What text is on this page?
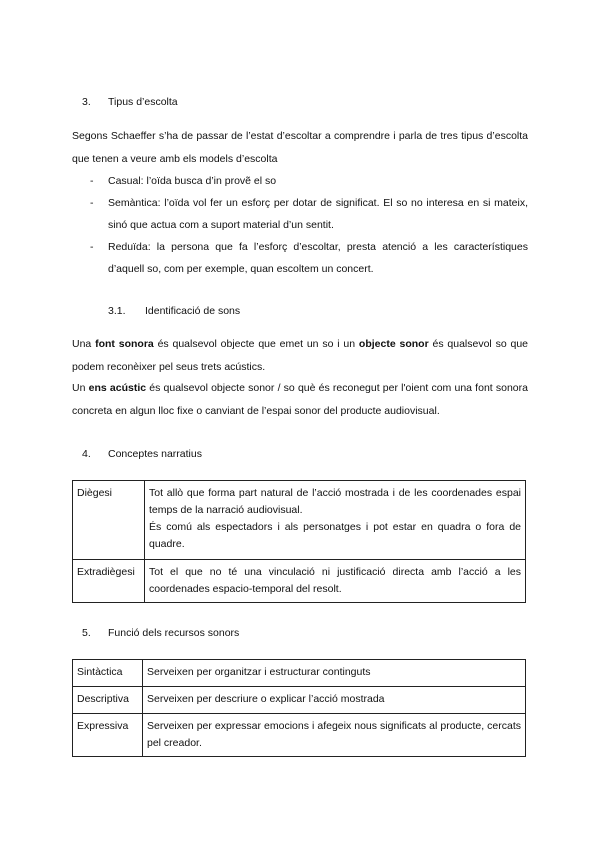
3. Tipus d’escolta
Segons Schaeffer s’ha de passar de l’estat d’escoltar a comprendre i parla de tres tipus d’escolta que tenen a veure amb els models d’escolta
- Casual: l’oïda busca d’in provẽ el so
- Semàntica: l’oïda vol fer un esforç per dotar de significat. El so no interesa en si mateix, sinó que actua com a suport material d’un sentit.
- Reduïda: la persona que fa l’esforç d’escoltar, presta atenció a les característiques d’aquell so, com per exemple, quan escoltem un concert.
3.1. Identificació de sons
Una font sonora és qualsevol objecte que emet un so i un objecte sonor és qualsevol so que podem reconèixer pel seus trets acústics.
Un ens acústic és qualsevol objecte sonor / so què és reconegut per l'oient com una font sonora concreta en algun lloc fixe o canviant de l’espai sonor del producte audiovisual.
4. Conceptes narratius
Diègesi	Tot allò que forma part natural de l’acció mostrada i de les coordenades espai temps de la narració audiovisual.
És comú als espectadors i als personatges i pot estar en quadra o fora de quadre.

Extradiègesi	Tot el que no té una vinculació ni justificació directa amb l’acció a les coordenades espacio-temporal del resolt.
5. Funció dels recursos sonors
Sintàctica	Serveixen per organitzar i estructurar continguts
Descriptiva	Serveixen per descriure o explicar l’acció mostrada
Expressiva	Serveixen per expressar emocions i afegeix nous significats al producte, cercats pel creador.
